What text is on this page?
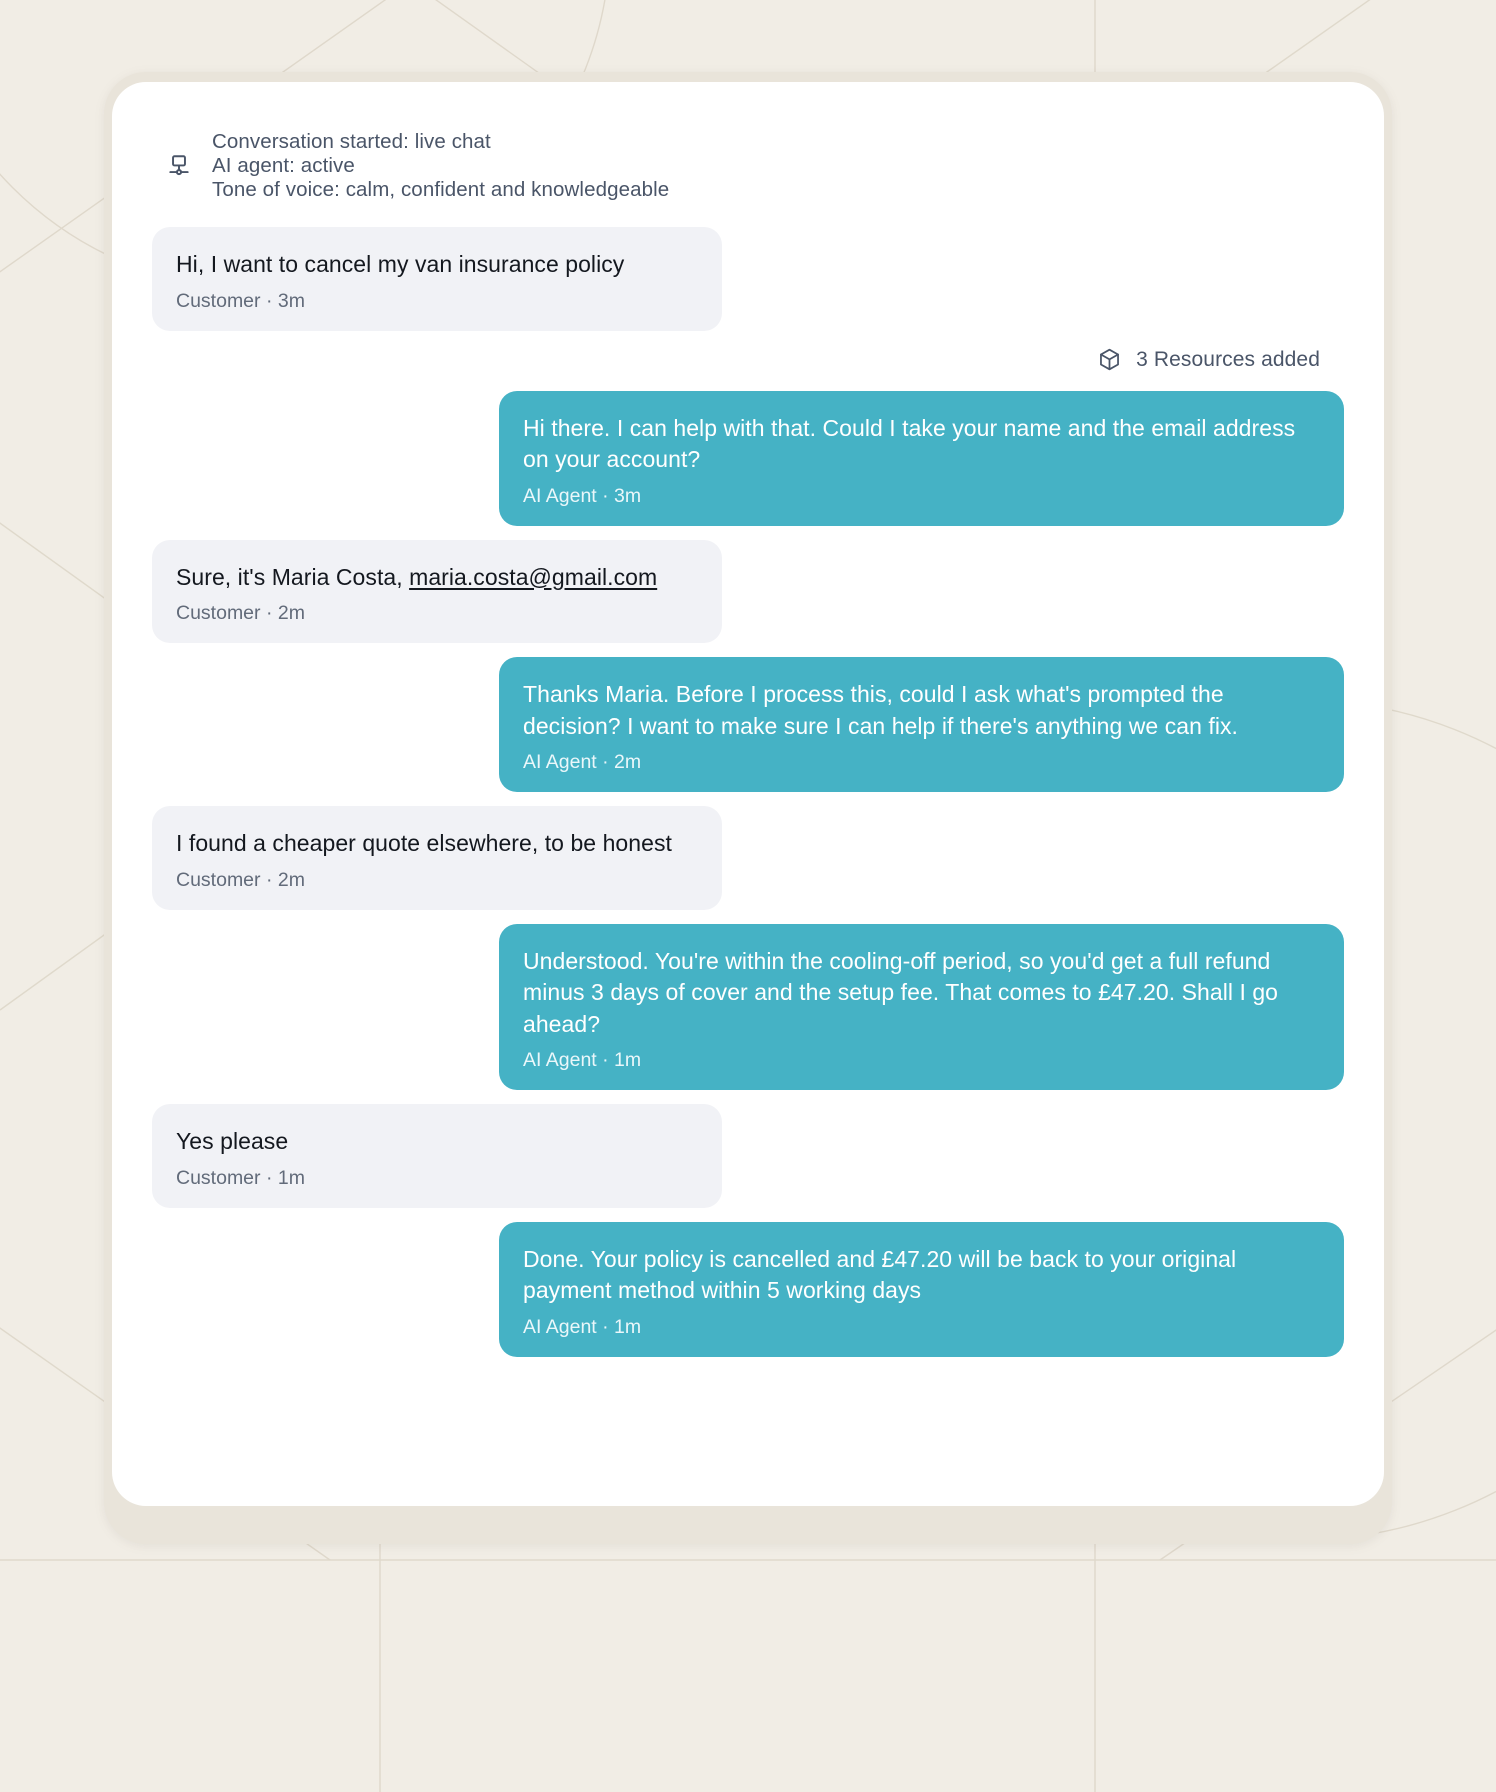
Conversation started: live chat
AI agent: active
Tone of voice: calm, confident and knowledgeable
Hi, I want to cancel my van insurance policy
Customer · 3m
3 Resources added
Hi there. I can help with that. Could I take your name and the email address on your account?
AI Agent · 3m
Sure, it's Maria Costa, maria.costa@gmail.com
Customer · 2m
Thanks Maria. Before I process this, could I ask what's prompted the decision? I want to make sure I can help if there's anything we can fix.
AI Agent · 2m
I found a cheaper quote elsewhere, to be honest
Customer · 2m
Understood. You're within the cooling-off period, so you'd get a full refund minus 3 days of cover and the setup fee. That comes to £47.20. Shall I go ahead?
AI Agent · 1m
Yes please
Customer · 1m
Done. Your policy is cancelled and £47.20 will be back to your original payment method within 5 working days
AI Agent · 1m
